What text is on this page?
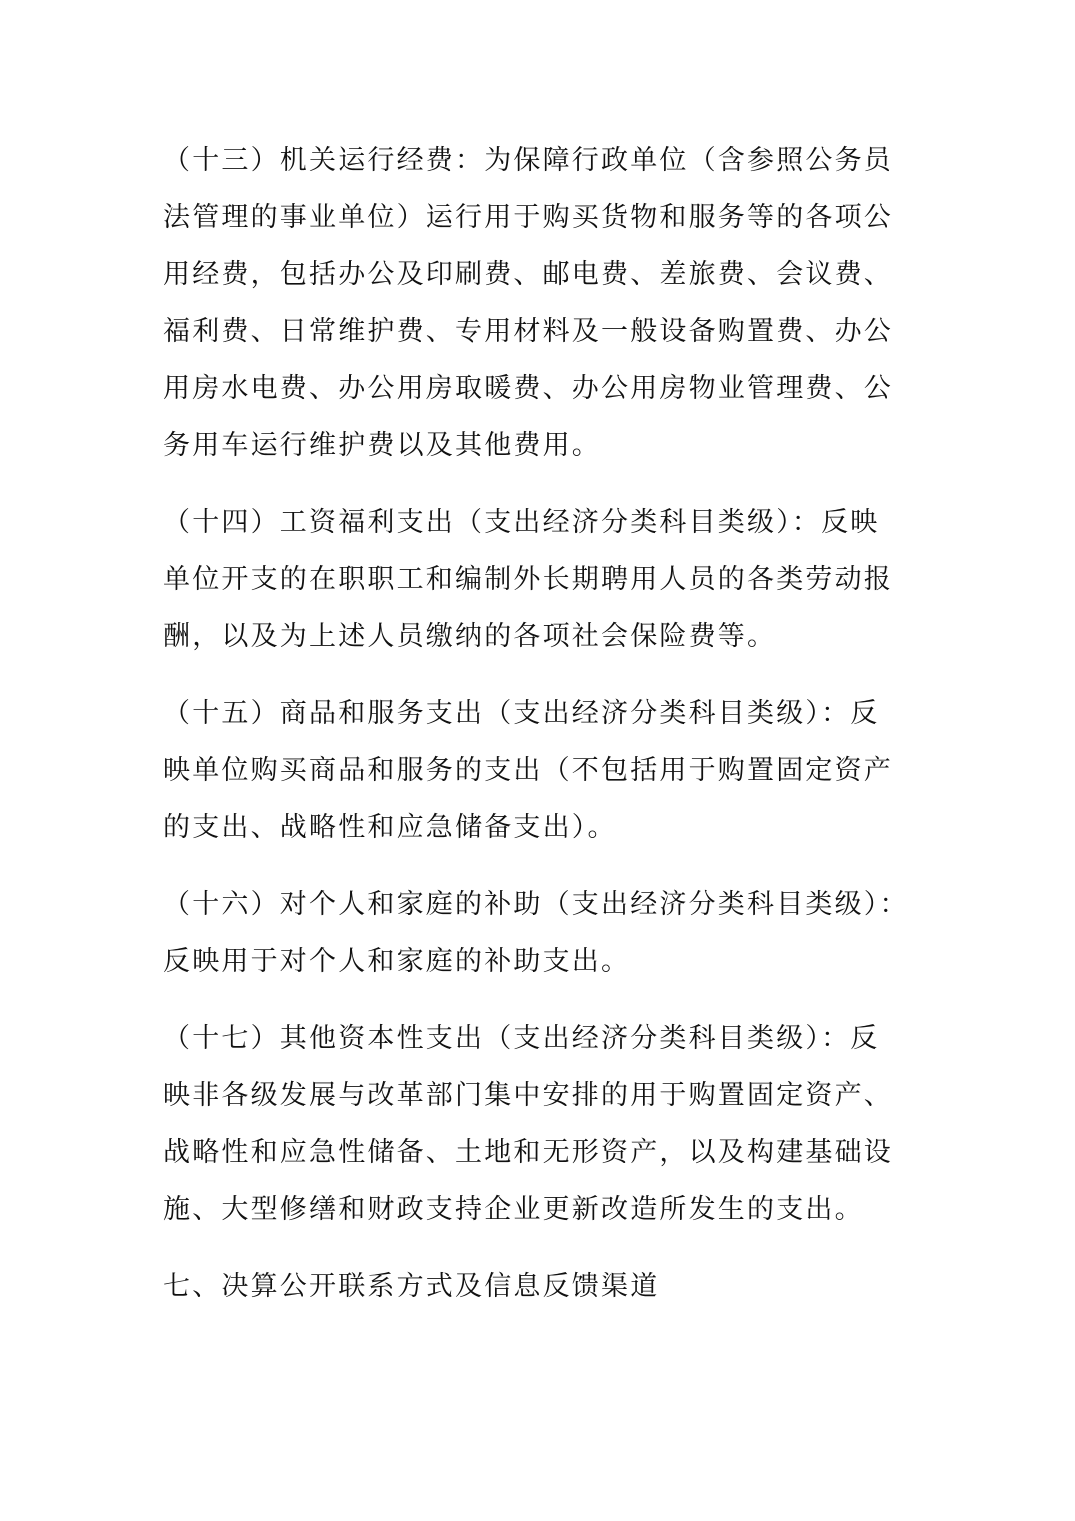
（十三）机关运行经费：为保障行政单位（含参照公务员
法管理的事业单位）运行用于购买货物和服务等的各项公
用经费，包括办公及印刷费、邮电费、差旅费、会议费、
福利费、日常维护费、专用材料及一般设备购置费、办公
用房水电费、办公用房取暖费、办公用房物业管理费、公
务用车运行维护费以及其他费用。
（十四）工资福利支出（支出经济分类科目类级）：反映
单位开支的在职职工和编制外长期聘用人员的各类劳动报
酬，以及为上述人员缴纳的各项社会保险费等。
（十五）商品和服务支出（支出经济分类科目类级）：反
映单位购买商品和服务的支出（不包括用于购置固定资产
的支出、战略性和应急储备支出）。
（十六）对个人和家庭的补助（支出经济分类科目类级）：
反映用于对个人和家庭的补助支出。
（十七）其他资本性支出（支出经济分类科目类级）：反
映非各级发展与改革部门集中安排的用于购置固定资产、
战略性和应急性储备、土地和无形资产，以及构建基础设
施、大型修缮和财政支持企业更新改造所发生的支出。
七、决算公开联系方式及信息反馈渠道
